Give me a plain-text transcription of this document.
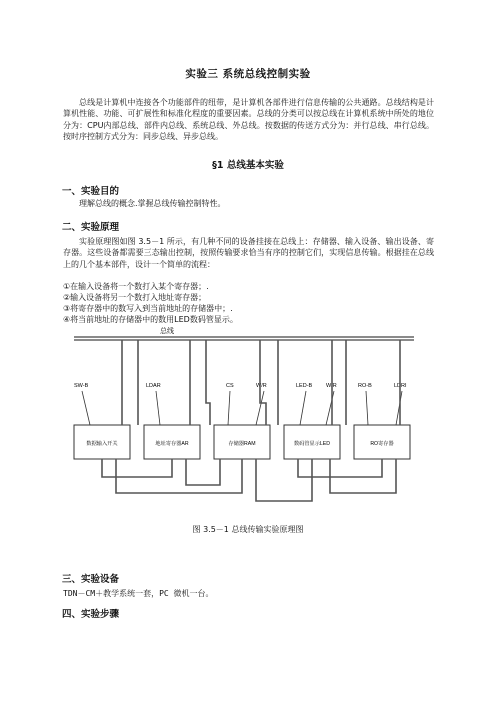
实验三 系统总线控制实验
总线是计算机中连接各个功能部件的纽带，是计算机各部件进行信息传输的公共通路。总线结构是计算机性能、功能、可扩展性和标准化程度的重要因素。总线的分类可以按总线在计算机系统中所处的地位分为：CPU内部总线、部件内总线、系统总线、外总线。按数据的传送方式分为：并行总线、串行总线。按时序控制方式分为：同步总线、异步总线。
§1 总线基本实验
一、实验目的
理解总线的概念.掌握总线传输控制特性。
二、实验原理
实验原理图如图 3.5－1 所示，有几种不同的设备挂接在总线上：存储器、输入设备、输出设备、寄存器。这些设备都需要三态输出控制，按照传输要求恰当有序的控制它们，实现信息传输。根据挂在总线上的几个基本部件，设计一个简单的流程：
①在输入设备将一个数打入某个寄存器；.
②输入设备将另一个数打入地址寄存器；
③将寄存器中的数写入到当前地址的存储器中；.
④将当前地址的存储器中的数用LED数码管显示。
总线
数据输入开关	地址寄存器AR	存储器RAM	数码管显示LED	RO寄存器
SW-B	LDAR	CS	W/R	LED-B	W/R	RO-B	LDRI
图 3.5－1 总线传输实验原理图
三、实验设备
TDN－CM＋教学系统一套，PC 微机一台。
四、实验步骤
